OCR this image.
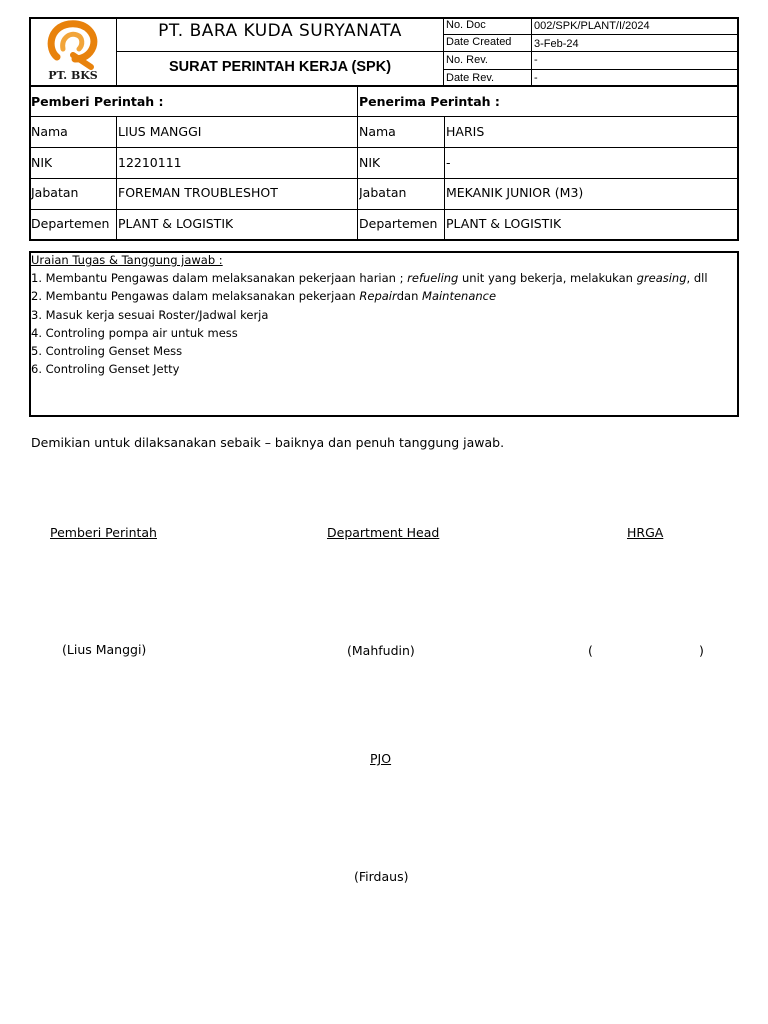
PT. BKS
PT. BARA KUDA SURYANATA
SURAT PERINTAH KERJA (SPK)
No. Doc	002/SPK/PLANT/I/2024
Date Created 3-Feb-24
No. Rev.	-
Date Rev.	-
Pemberi Perintah :	Penerima Perintah :
Nama	LIUS MANGGI	Nama	HARIS
NIK	12210111	NIK	-
Jabatan	FOREMAN TROUBLESHOT	Jabatan	MEKANIK JUNIOR (M3)
Departemen PLANT & LOGISTIK	Departemen PLANT & LOGISTIK
Uraian Tugas & Tanggung jawab :
1. Membantu Pengawas dalam melaksanakan pekerjaan harian ; refueling unit yang bekerja, melakukan greasing, dll
2. Membantu Pengawas dalam melaksanakan pekerjaan Repairdan Maintenance
3. Masuk kerja sesuai Roster/Jadwal kerja
4. Controling pompa air untuk mess
5. Controling Genset Mess
6. Controling Genset Jetty
Demikian untuk dilaksanakan sebaik – baiknya dan penuh tanggung jawab.
Pemberi Perintah	Department Head	HRGA
(Lius Manggi)	(Mahfudin)	(	)
PJO
(Firdaus)
